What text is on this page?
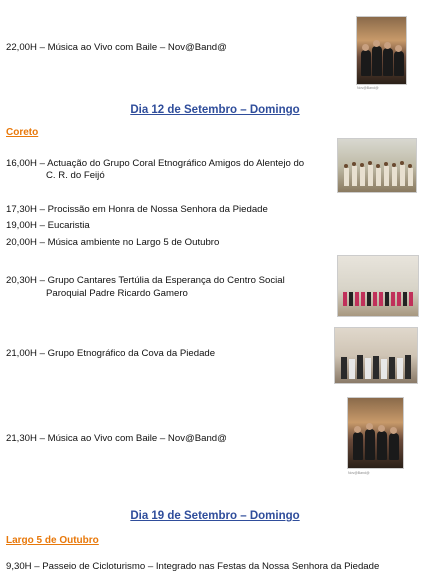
22,00H – Música ao Vivo com Baile – Nov@Band@
Nov@Band@
Dia 12 de Setembro – Domingo
Coreto
16,00H – Actuação do Grupo Coral Etnográfico Amigos do Alentejo do
C. R. do Feijó
17,30H – Procissão em Honra de Nossa Senhora da Piedade
19,00H – Eucaristia
20,00H – Música ambiente no Largo 5 de Outubro
20,30H – Grupo Cantares Tertúlia da Esperança do Centro Social
Paroquial Padre Ricardo Gamero
21,00H – Grupo Etnográfico da Cova da Piedade
21,30H – Música ao Vivo com Baile – Nov@Band@
Nov@Band@
Dia 19 de Setembro – Domingo
Largo 5 de Outubro
9,30H – Passeio de Cicloturismo – Integrado nas Festas da Nossa Senhora da Piedade
